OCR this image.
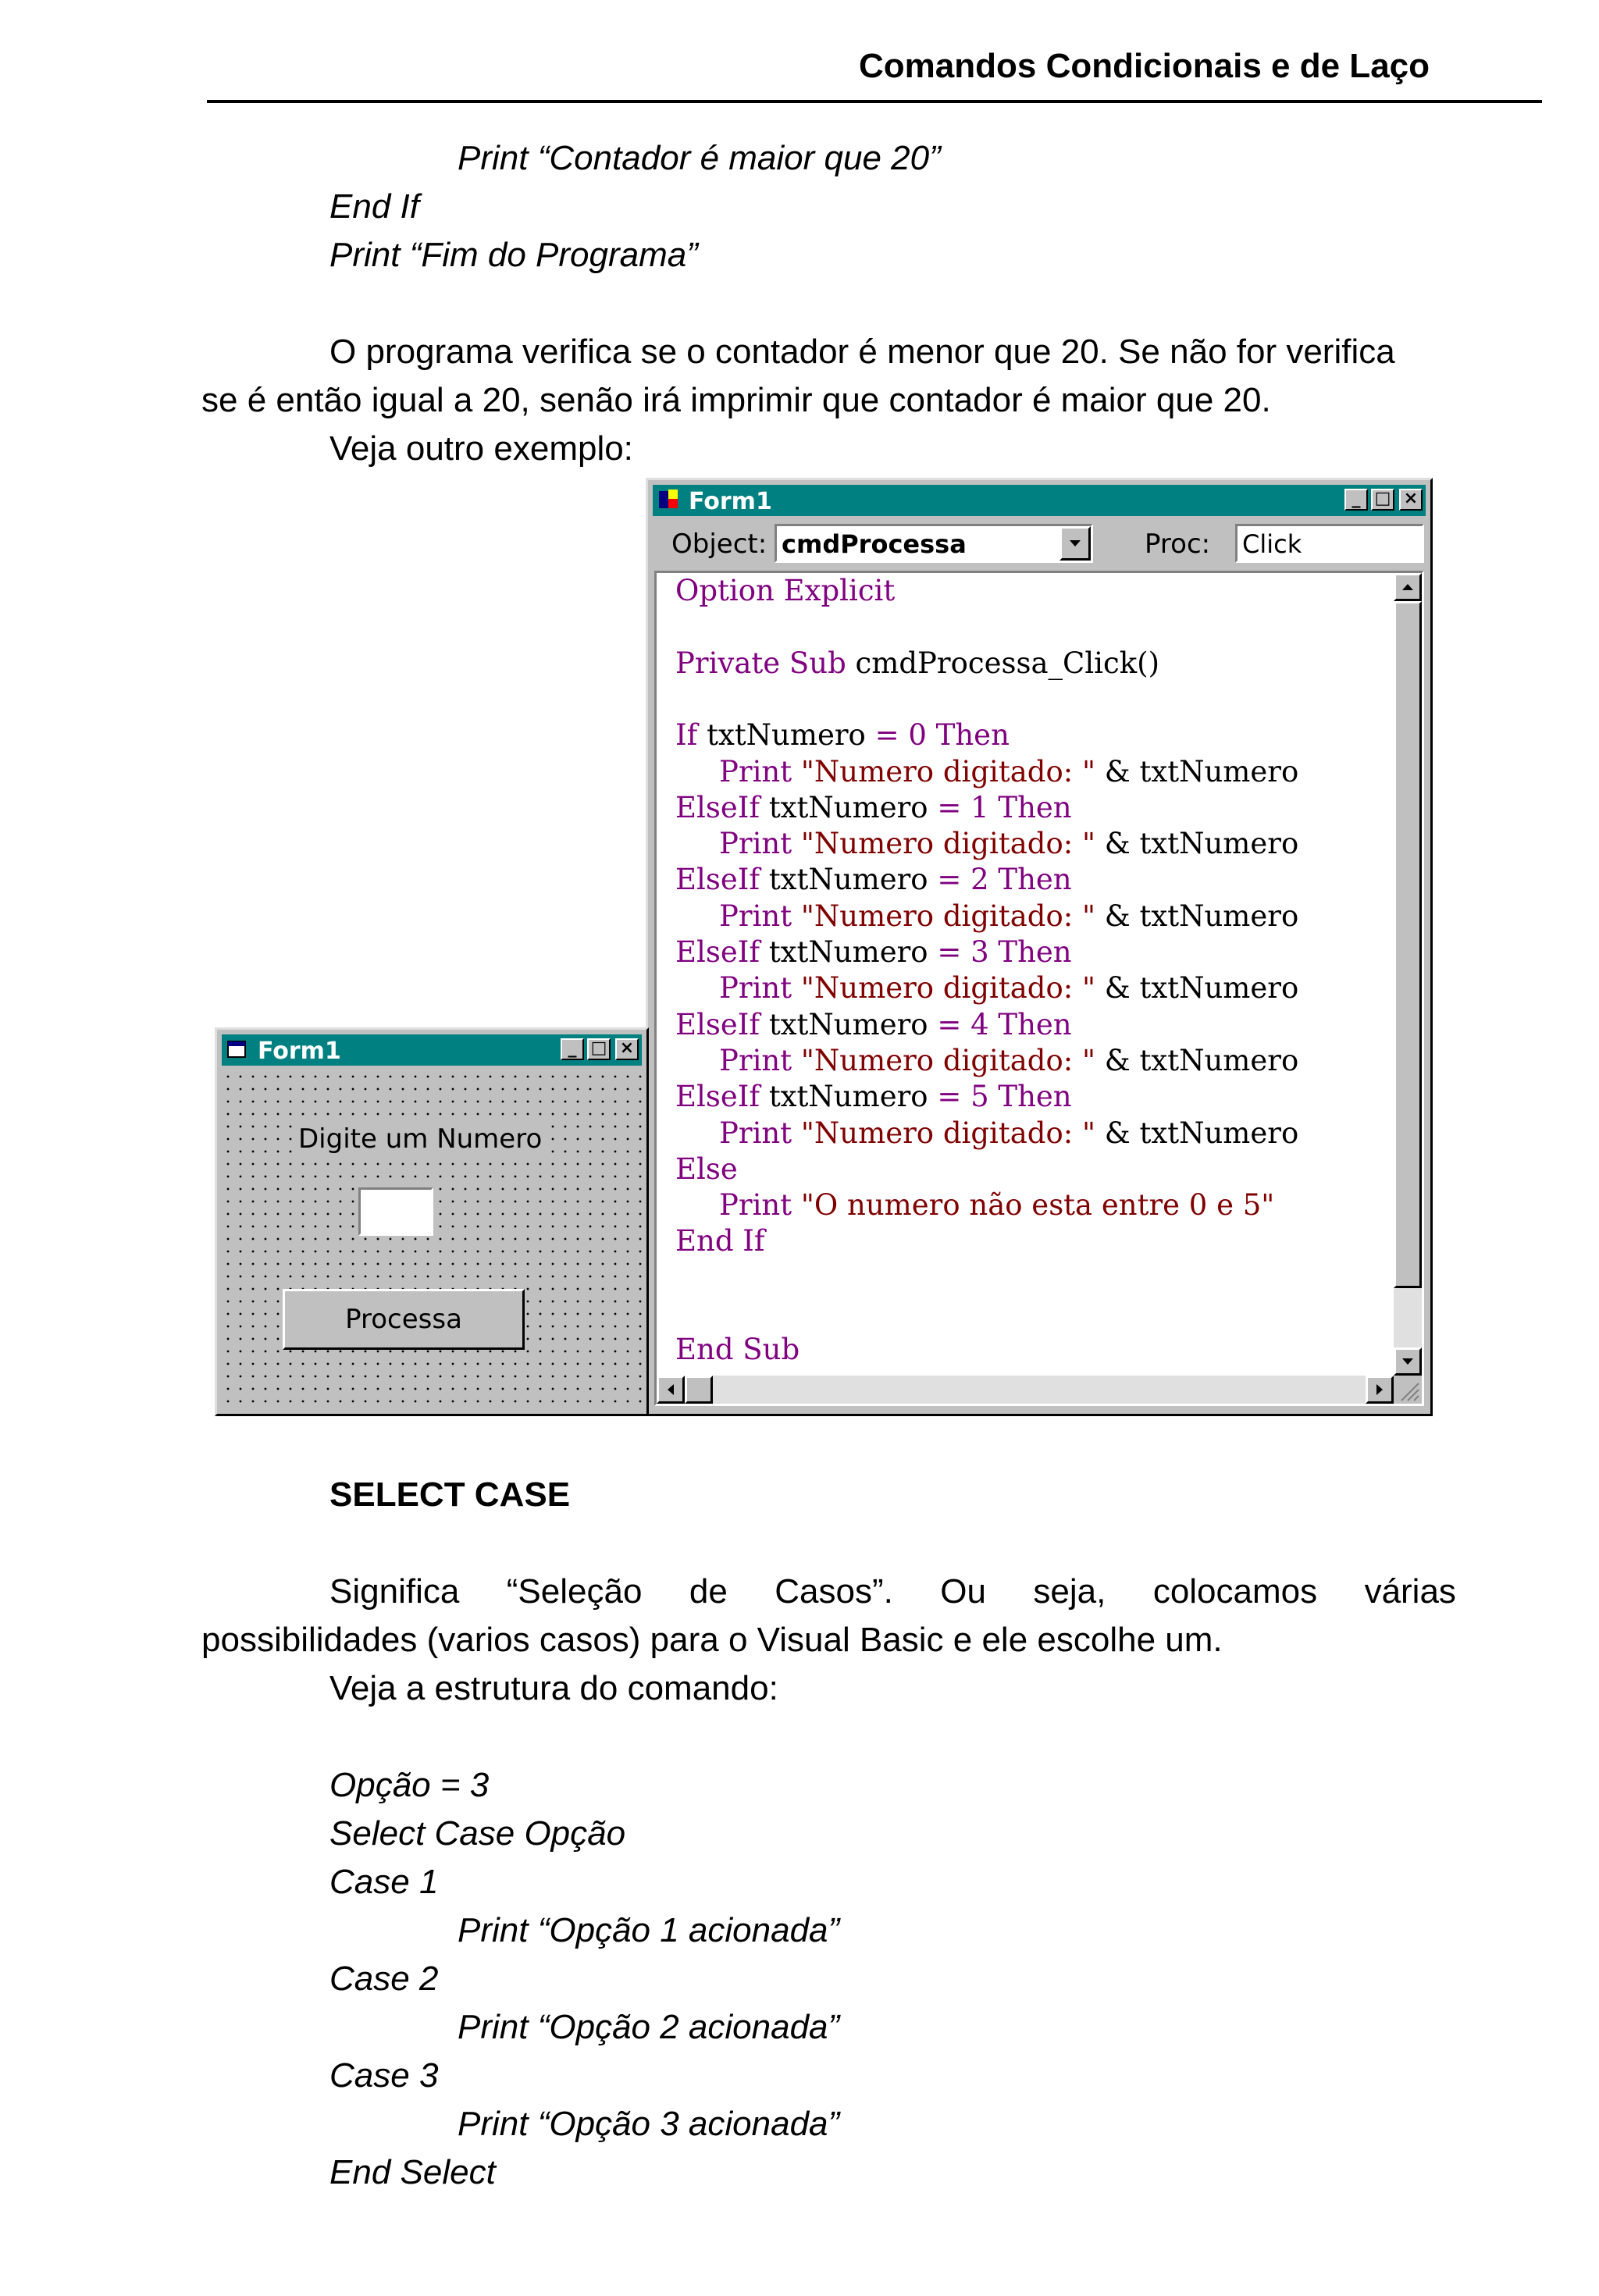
Comandos Condicionais e de Laço
Print “Contador é maior que 20”
End If
Print “Fim do Programa”
O programa verifica se o contador é menor que 20. Se não for verifica
se é então igual a 20, senão irá imprimir que contador é maior que 20.
Veja outro exemplo:
Form1	_ □ ×
Object: cmdProcessa	Proc: Click
Option Explicit
Private Sub cmdProcessa_Click()
If txtNumero = 0 Then
Print "Numero digitado: " & txtNumero
ElseIf txtNumero = 1 Then
Print "Numero digitado: " & txtNumero
ElseIf txtNumero = 2 Then
Print "Numero digitado: " & txtNumero
ElseIf txtNumero = 3 Then
Print "Numero digitado: " & txtNumero
ElseIf txtNumero = 4 Then
Print "Numero digitado: " & txtNumero
ElseIf txtNumero = 5 Then
Print "Numero digitado: " & txtNumero
Else
Print "O numero não esta entre 0 e 5"
End If
End Sub
Form1	_ □ ×
Digite um Numero
Processa
SELECT CASE
Significa “Seleção de Casos”. Ou seja, colocamos várias
possibilidades (varios casos) para o Visual Basic e ele escolhe um.
Veja a estrutura do comando:
Opção = 3
Select Case Opção
Case 1
Print “Opção 1 acionada”
Case 2
Print “Opção 2 acionada”
Case 3
Print “Opção 3 acionada”
End Select
